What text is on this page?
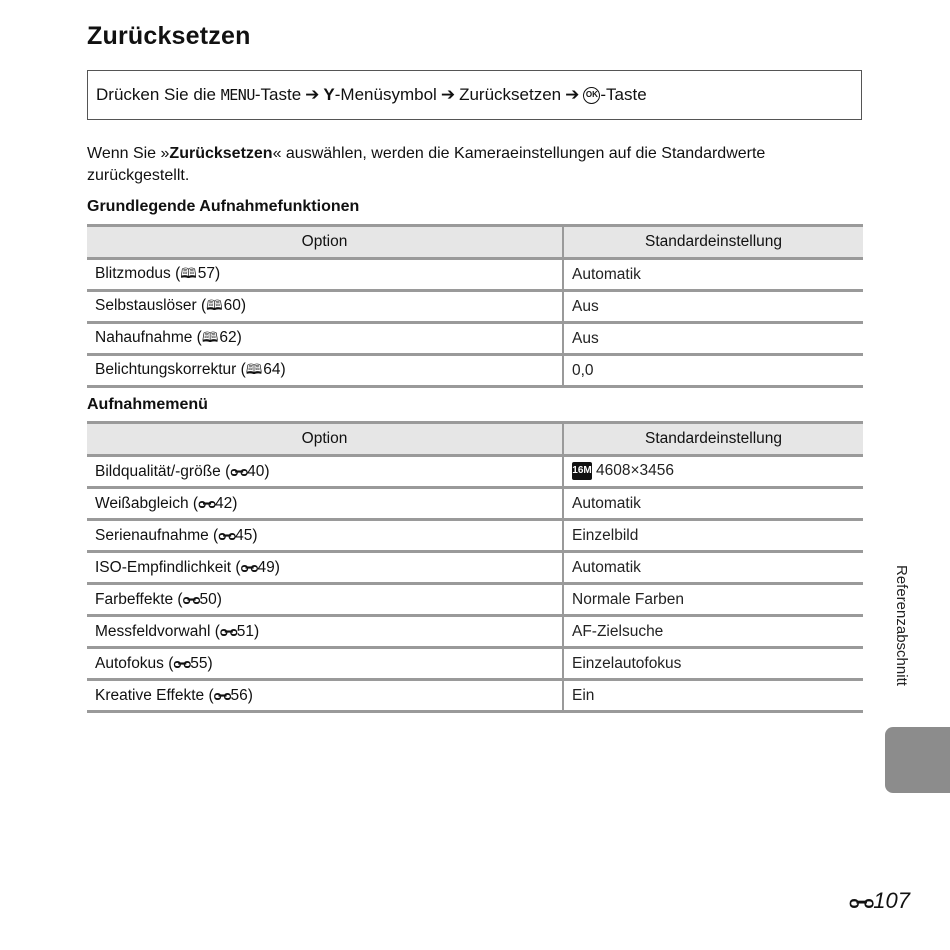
Zurücksetzen
Drücken Sie die
MENU -Taste ➔ Y -Menüsymbol ➔ Zurücksetzen ➔ OK -Taste

Wenn Sie »Zurücksetzen« auswählen, werden die Kameraeinstellungen auf die Standardwerte zurückgestellt.

Grundlegende Aufnahmefunktionen
Option	Standardeinstellung
Blitzmodus (🕮57)	Automatik
Selbstauslöser (🕮60)	Aus
Nahaufnahme (🕮62)	Aus
Belichtungskorrektur (🕮64)	0,0
Aufnahmemenü
Option	Standardeinstellung
Bildqualität/-größe (ᴑ━ᴑ 40)	16M 4608×3456
Weißabgleich (ᴑ━ᴑ 42)	Automatik
Serienaufnahme (ᴑ━ᴑ 45)	Einzelbild
ISO-Empfindlichkeit (ᴑ━ᴑ 49)	Automatik
Farbeffekte (ᴑ━ᴑ 50)	Normale Farben
Messfeldvorwahl (ᴑ━ᴑ 51)	AF-Zielsuche
Autofokus (ᴑ━ᴑ 55)	Einzelautofokus
Kreative Effekte (ᴑ━ᴑ 56)	Ein
Referenzabschnitt
ᴑ━ᴑ107
